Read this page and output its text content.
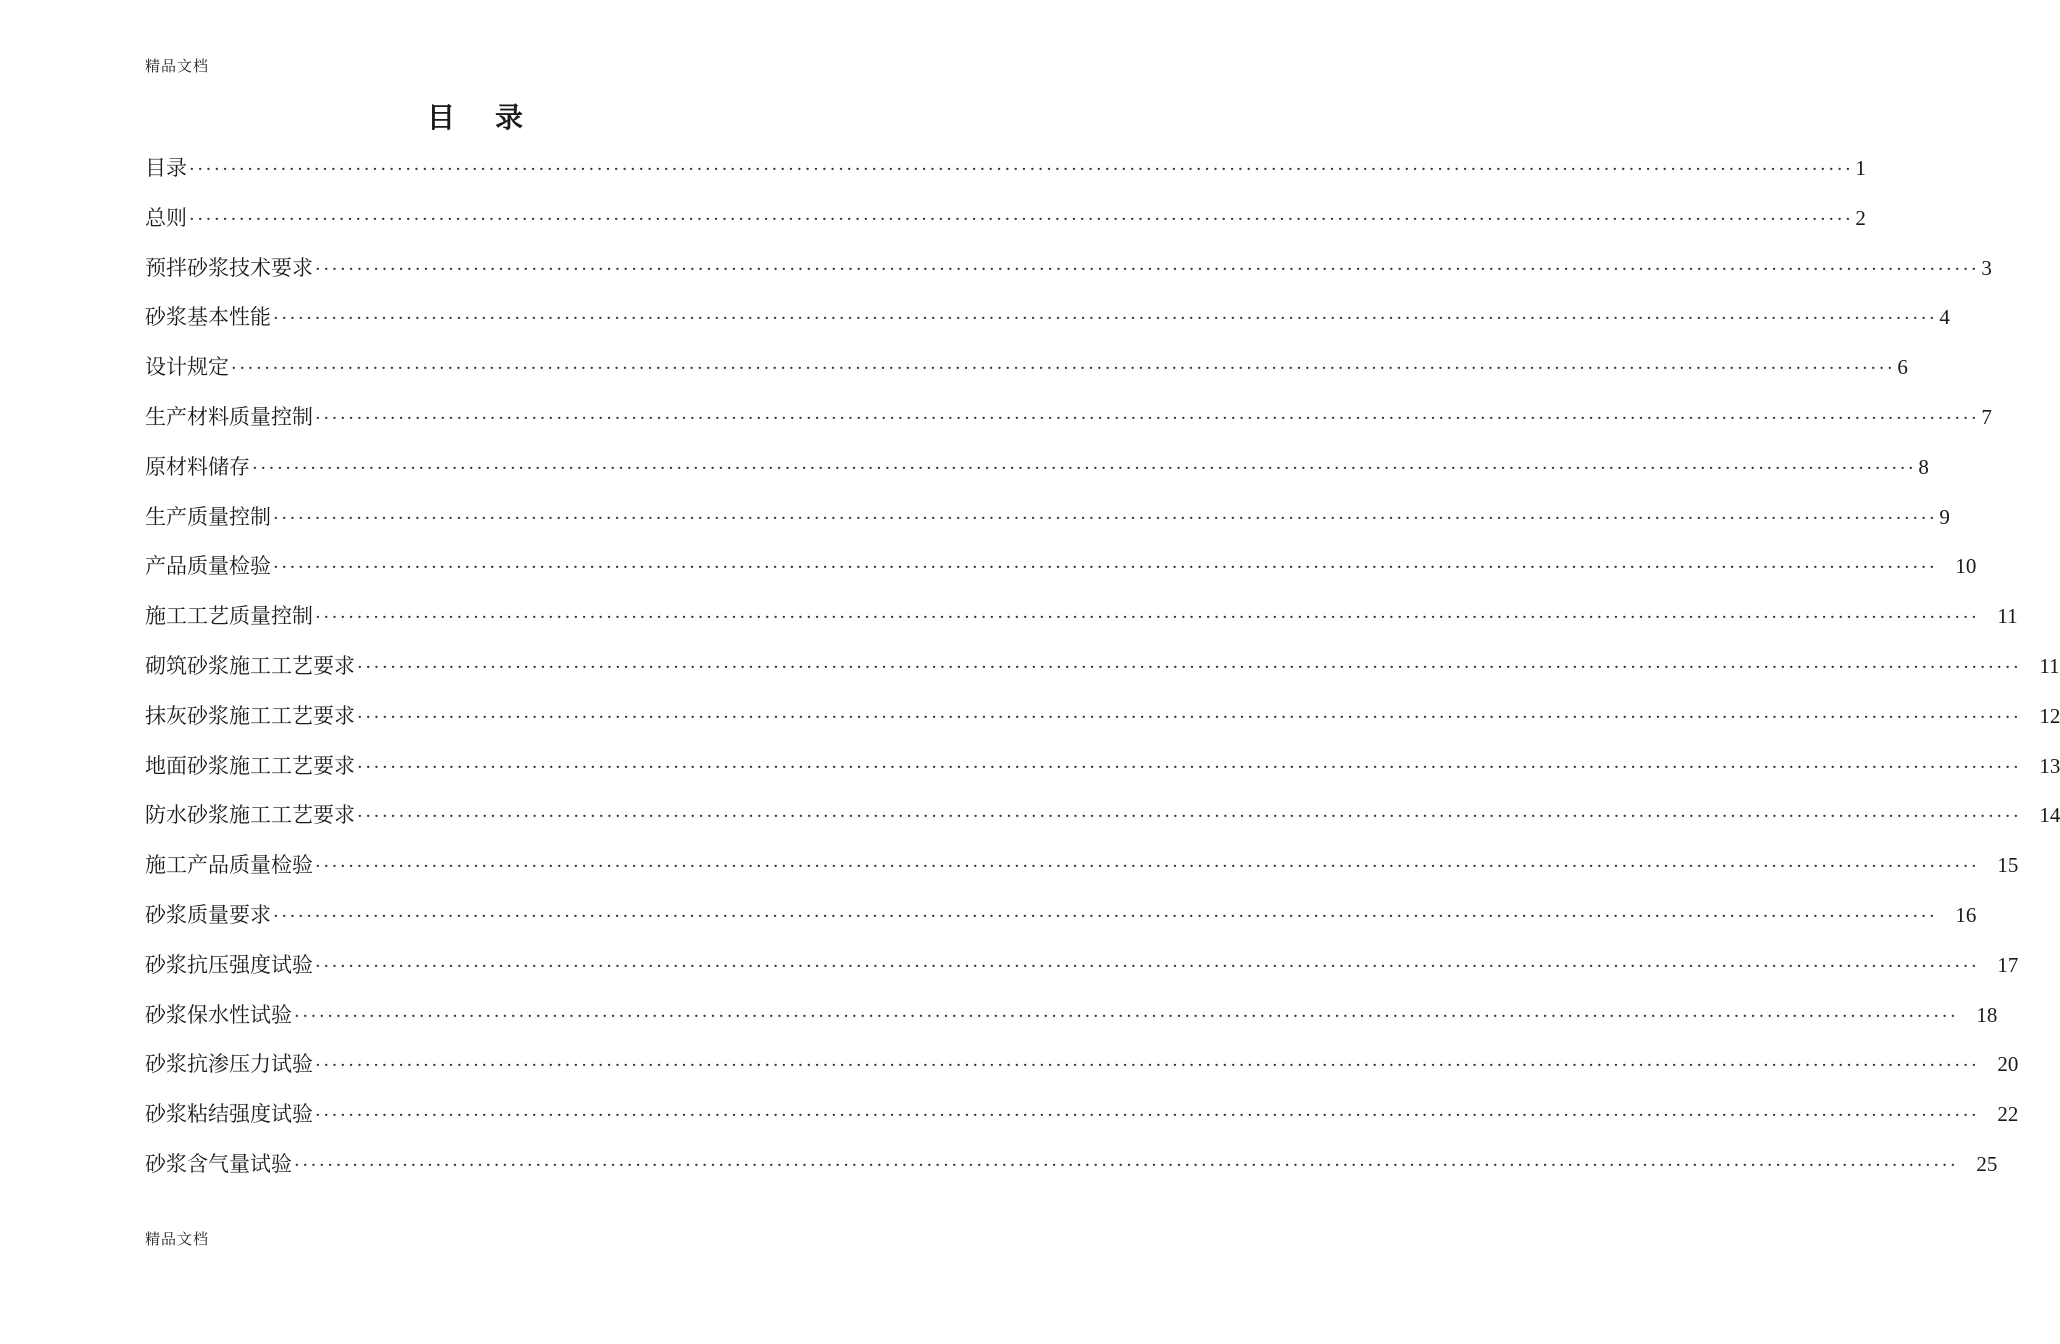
精品文档
目录
目录 ········································································································································································································ 1
总则 ········································································································································································································ 2
预拌砂浆技术要求 ········································································································································································································ 3
砂浆基本性能 ········································································································································································································ 4
设计规定 ········································································································································································································ 6
生产材料质量控制 ········································································································································································································ 7
原材料储存 ········································································································································································································ 8
生产质量控制 ········································································································································································································ 9
产品质量检验 ········································································································································································································ 10
施工工艺质量控制 ········································································································································································································ 11
砌筑砂浆施工工艺要求 ········································································································································································································ 11
抹灰砂浆施工工艺要求 ········································································································································································································ 12
地面砂浆施工工艺要求 ········································································································································································································ 13
防水砂浆施工工艺要求 ········································································································································································································ 14
施工产品质量检验 ········································································································································································································ 15
砂浆质量要求 ········································································································································································································ 16
砂浆抗压强度试验 ········································································································································································································ 17
砂浆保水性试验 ········································································································································································································ 18
砂浆抗渗压力试验 ········································································································································································································ 20
砂浆粘结强度试验 ········································································································································································································ 22
砂浆含气量试验 ········································································································································································································ 25
精品文档
